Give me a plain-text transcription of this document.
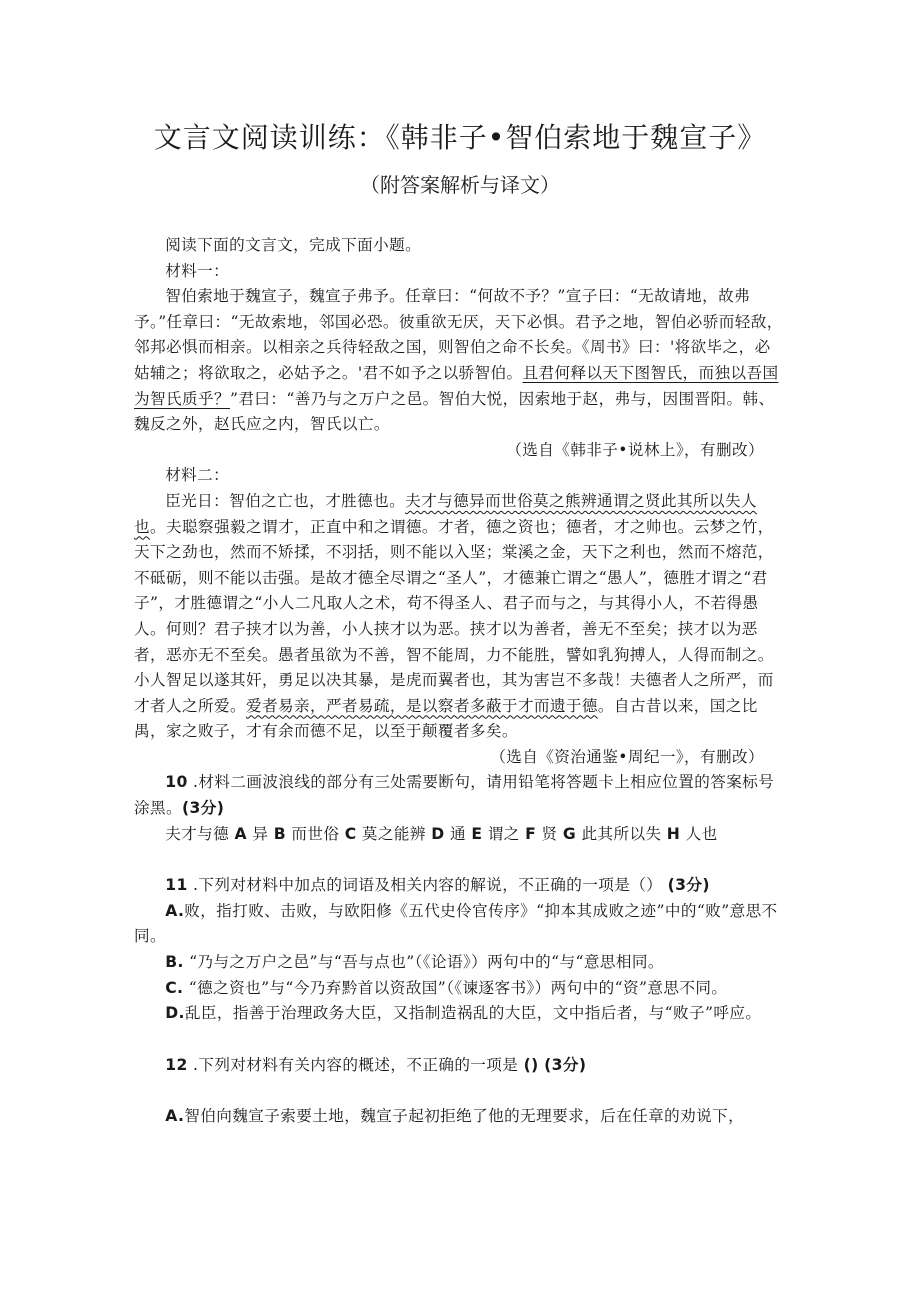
文言文阅读训练：《韩非子•智伯索地于魏宣子》
（附答案解析与译文）

阅读下面的文言文，完成下面小题。

材料一：

智伯索地于魏宣子，魏宣子弗予。任章曰：“何故不予？”宣子曰：“无故请地，故弗予。”任章曰：“无故索地，邻国必恐。彼重欲无厌，天下必惧。君予之地，智伯必骄而轻敌，邻邦必惧而相亲。以相亲之兵待轻敌之国，则智伯之命不长矣。《周书》曰：'将欲毕之，必姑辅之；将欲取之，必姑予之。'君不如予之以骄智伯。且君何释以天下图智氏，而独以吾国为智氏质乎？”君曰：“善乃与之万户之邑。智伯大悦，因索地于赵，弗与，因围晋阳。韩、魏反之外，赵氏应之内，智氏以亡。

（选自《韩非子•说林上》，有删改）

材料二：

臣光日：智伯之亡也，才胜德也。夫才与德异而世俗莫之熊辨通谓之贤此其所以失人也。夫聪察强毅之谓才，正直中和之谓德。才者，德之资也；德者，才之帅也。云梦之竹，天下之劲也，然而不矫揉，不羽括，则不能以入坚；棠溪之金，天下之利也，然而不熔范，不砥砺，则不能以击强。是故才德全尽谓之“圣人”，才德兼亡谓之“愚人”，德胜才谓之“君子”，才胜德谓之“小人二凡取人之术，苟不得圣人、君子而与之，与其得小人，不若得愚人。何则？君子挟才以为善，小人挟才以为恶。挟才以为善者，善无不至矣；挟才以为恶者，恶亦无不至矣。愚者虽欲为不善，智不能周，力不能胜，譬如乳狗搏人，人得而制之。小人智足以遂其奸，勇足以决其暴，是虎而翼者也，其为害岂不多哉！夫德者人之所严，而才者人之所爱。爱者易亲，严者易疏，是以察者多蔽于才而遗于德。自古昔以来，国之比禺，家之败子，才有余而德不足，以至于颠覆者多矣。

（选自《资治通鉴•周纪一》，有删改）

10 .材料二画波浪线的部分有三处需要断句，请用铅笔将答题卡上相应位置的答案标号涂黑。(3分)

夫才与德 A 异 B 而世俗 C 莫之能辨 D 通 E 谓之 F 贤 G 此其所以失 H 人也

11 .下列对材料中加点的词语及相关内容的解说，不正确的一项是（） (3分)

A.败，指打败、击败，与欧阳修《五代史伶官传序》“抑本其成败之迹”中的“败”意思不同。

B. “乃与之万户之邑”与“吾与点也”（《论语》）两句中的“与“意思相同。

C. “德之资也”与“今乃弃黔首以资敌国”（《谏逐客书》）两句中的“资”意思不同。

D.乱臣，指善于治理政务大臣，又指制造祸乱的大臣，文中指后者，与“败子”呼应。

12 .下列对材料有关内容的概述，不正确的一项是 () (3分)

A.智伯向魏宣子索要土地，魏宣子起初拒绝了他的无理要求，后在任章的劝说下，
